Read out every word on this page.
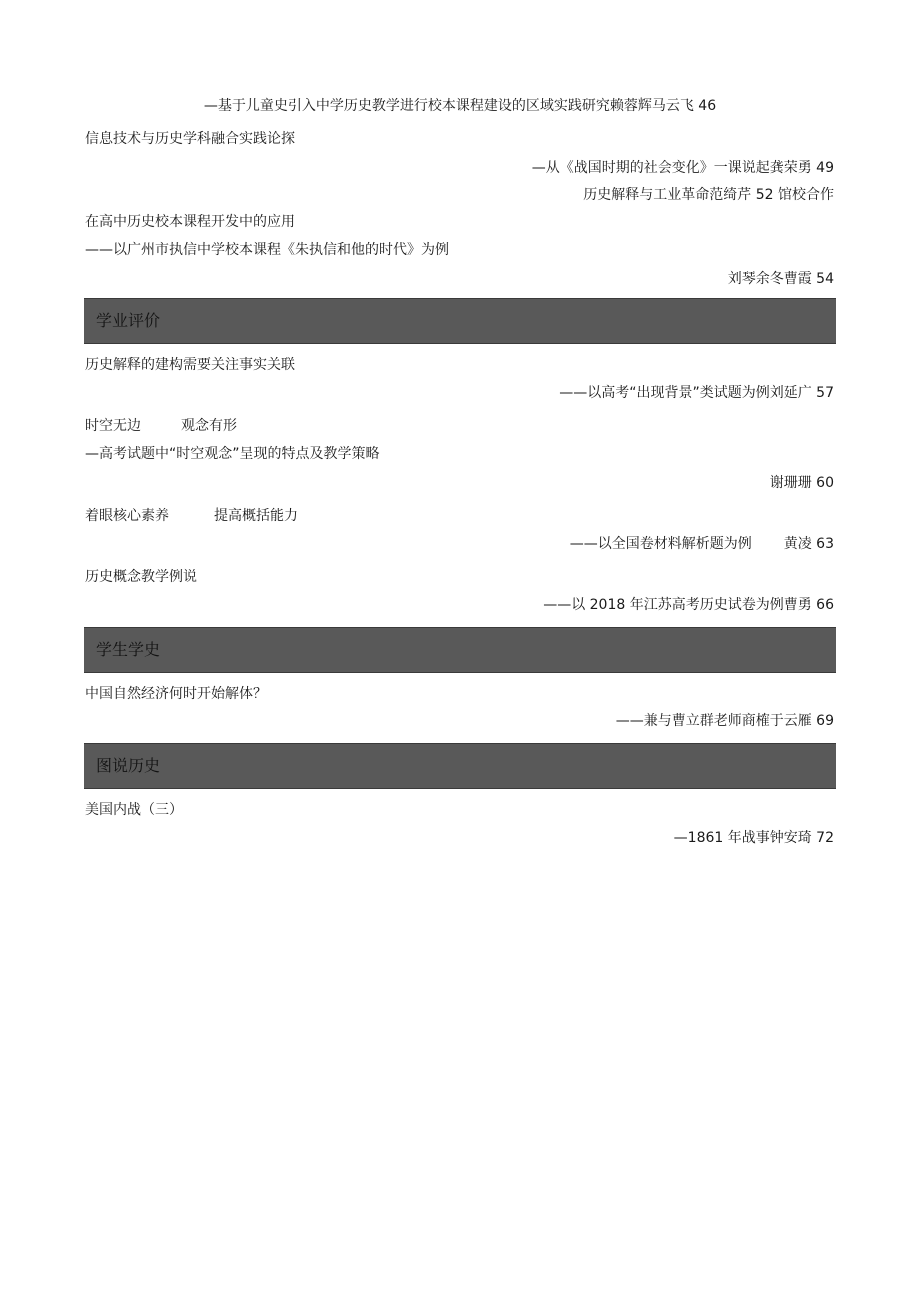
—基于儿童史引入中学历史教学进行校本课程建设的区域实践研究赖蓉辉马云飞 46
信息技术与历史学科融合实践论探
—从《战国时期的社会变化》一课说起龚荣勇 49
历史解释与工业革命范绮芹 52 馆校合作
在高中历史校本课程开发中的应用
——以广州市执信中学校本课程《朱执信和他的时代》为例
刘琴余冬曹霞 54
学业评价
历史解释的建构需要关注事实关联
——以高考“出现背景”类试题为例刘延广 57
时空无边	观念有形
—高考试题中“时空观念”呈现的特点及教学策略
谢珊珊 60
着眼核心素养	提高概括能力
——以全国卷材料解析题为例 黄凌 63
历史概念教学例说
——以 2018 年江苏高考历史试卷为例曹勇 66
学生学史
中国自然经济何时开始解体？
——兼与曹立群老师商榷于云雁 69
图说历史
美国内战（三）
—1861 年战事钟安琦 72
